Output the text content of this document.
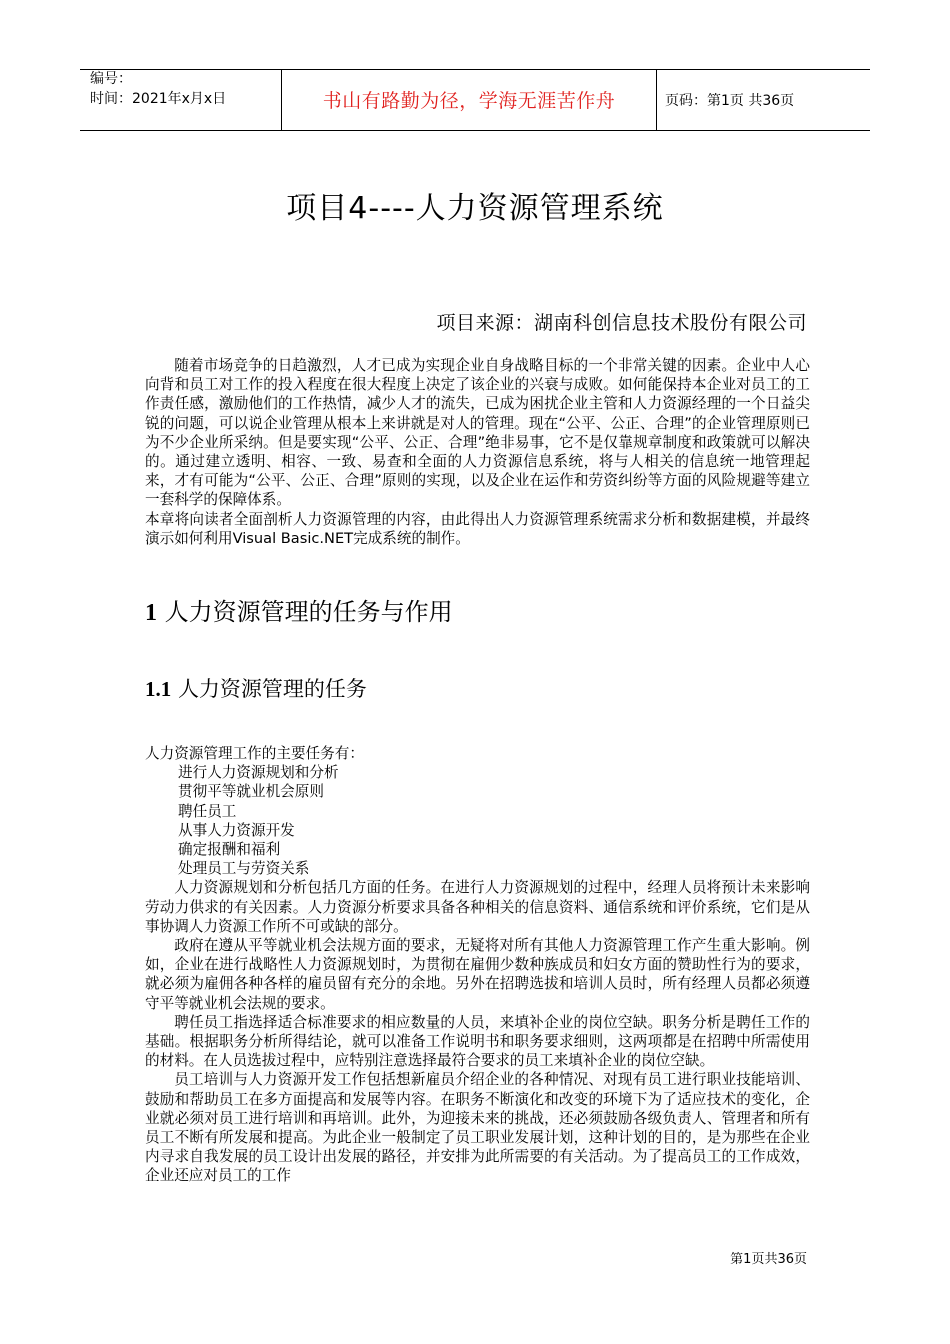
编号：
时间：2021年x月x日	书山有路勤为径，学海无涯苦作舟	页码：第1页 共36页
项目4----人力资源管理系统
项目来源：湖南科创信息技术股份有限公司

随着市场竞争的日趋激烈，人才已成为实现企业自身战略目标的一个非常关键的因素。企业中人心向背和员工对工作的投入程度在很大程度上决定了该企业的兴衰与成败。如何能保持本企业对员工的工作责任感，激励他们的工作热情，减少人才的流失，已成为困扰企业主管和人力资源经理的一个日益尖锐的问题，可以说企业管理从根本上来讲就是对人的管理。现在“公平、公正、合理”的企业管理原则已为不少企业所采纳。但是要实现“公平、公正、合理”绝非易事，它不是仅靠规章制度和政策就可以解决的。通过建立透明、相容、一致、易查和全面的人力资源信息系统，将与人相关的信息统一地管理起来，才有可能为“公平、公正、合理”原则的实现，以及企业在运作和劳资纠纷等方面的风险规避等建立一套科学的保障体系。

本章将向读者全面剖析人力资源管理的内容，由此得出人力资源管理系统需求分析和数据建模，并最终演示如何利用Visual Basic.NET完成系统的制作。

1 人力资源管理的任务与作用
1.1 人力资源管理的任务

人力资源管理工作的主要任务有：

进行人力资源规划和分析

贯彻平等就业机会原则

聘任员工

从事人力资源开发

确定报酬和福利

处理员工与劳资关系

人力资源规划和分析包括几方面的任务。在进行人力资源规划的过程中，经理人员将预计未来影响劳动力供求的有关因素。人力资源分析要求具备各种相关的信息资料、通信系统和评价系统，它们是从事协调人力资源工作所不可或缺的部分。

政府在遵从平等就业机会法规方面的要求，无疑将对所有其他人力资源管理工作产生重大影响。例如，企业在进行战略性人力资源规划时，为贯彻在雇佣少数种族成员和妇女方面的赞助性行为的要求，就必须为雇佣各种各样的雇员留有充分的余地。另外在招聘选拔和培训人员时，所有经理人员都必须遵守平等就业机会法规的要求。

聘任员工指选择适合标准要求的相应数量的人员，来填补企业的岗位空缺。职务分析是聘任工作的基础。根据职务分析所得结论，就可以准备工作说明书和职务要求细则，这两项都是在招聘中所需使用的材料。在人员选拔过程中，应特别注意选择最符合要求的员工来填补企业的岗位空缺。

员工培训与人力资源开发工作包括想新雇员介绍企业的各种情况、对现有员工进行职业技能培训、鼓励和帮助员工在多方面提高和发展等内容。在职务不断演化和改变的环境下为了适应技术的变化，企业就必须对员工进行培训和再培训。此外，为迎接未来的挑战，还必须鼓励各级负责人、管理者和所有员工不断有所发展和提高。为此企业一般制定了员工职业发展计划，这种计划的目的，是为那些在企业内寻求自我发展的员工设计出发展的路径，并安排为此所需要的有关活动。为了提高员工的工作成效，企业还应对员工的工作

第1页共36页
